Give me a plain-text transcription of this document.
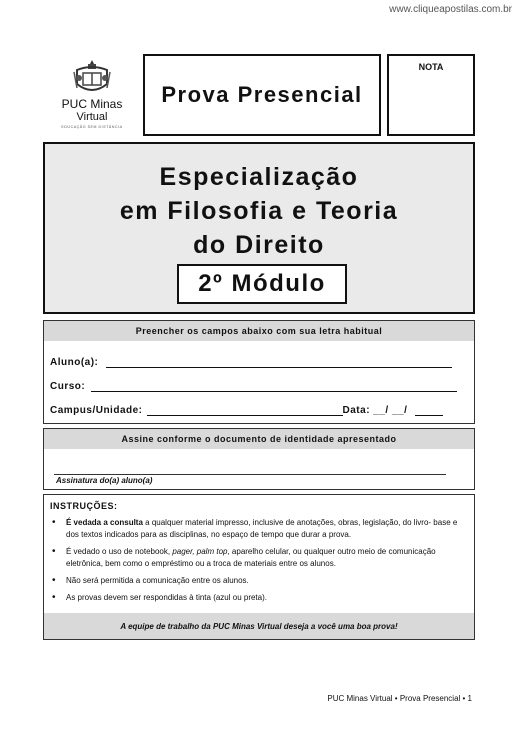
www.cliqueapostilas.com.br
PUC Minas
Virtual
EDUCAÇÃO SEM DISTÂNCIA
Prova Presencial
NOTA
Especialização
em Filosofia e Teoria
do Direito
2º Módulo
Preencher os campos abaixo com sua letra habitual
Aluno(a):
Curso:
Campus/Unidade:	Data: __/ __/
Assine conforme o documento de identidade apresentado
Assinatura do(a) aluno(a)
INSTRUÇÕES:
• É vedada a consulta a qualquer material impresso, inclusive de anotações, obras, legislação, do livro- base e dos textos indicados para as disciplinas, no espaço de tempo que durar a prova.
• É vedado o uso de notebook, pager, palm top, aparelho celular, ou qualquer outro meio de comunicação eletrônica, bem como o empréstimo ou a troca de materiais entre os alunos.
• Não será permitida a comunicação entre os alunos.
• As provas devem ser respondidas à tinta (azul ou preta).
A equipe de trabalho da PUC Minas Virtual deseja a você uma boa prova!
PUC Minas Virtual • Prova Presencial • 1
